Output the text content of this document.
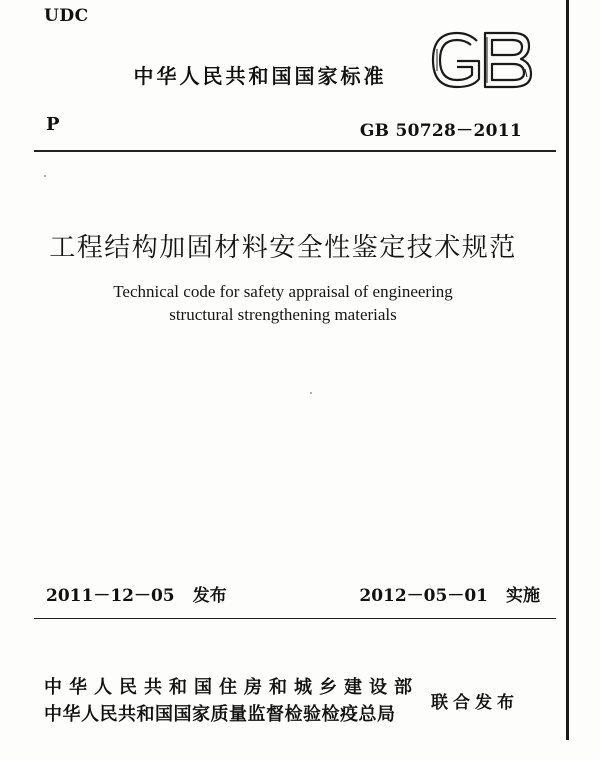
UDC
中华人民共和国国家标准
P	GB 50728－2011
工程结构加固材料安全性鉴定技术规范
Technical code for safety appraisal of engineering
structural strengthening materials
2011－12－05 发布	2012－05－01 实施
中华人民共和国住房和城乡建设部
中华人民共和国国家质量监督检验检疫总局
联合发布
